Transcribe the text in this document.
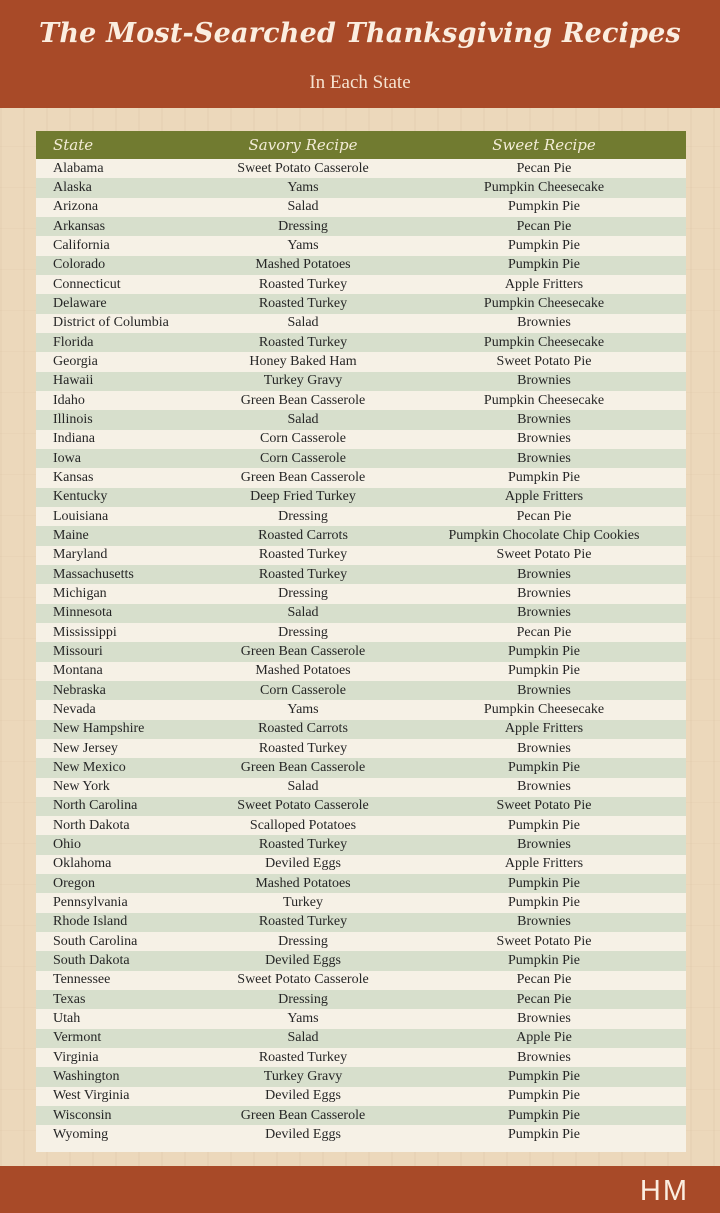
The Most-Searched Thanksgiving Recipes
In Each State
State	Savory Recipe	Sweet Recipe
Alabama	Sweet Potato Casserole	Pecan Pie
Alaska	Yams	Pumpkin Cheesecake
Arizona	Salad	Pumpkin Pie
Arkansas	Dressing	Pecan Pie
California	Yams	Pumpkin Pie
Colorado	Mashed Potatoes	Pumpkin Pie
Connecticut	Roasted Turkey	Apple Fritters
Delaware	Roasted Turkey	Pumpkin Cheesecake
District of Columbia	Salad	Brownies
Florida	Roasted Turkey	Pumpkin Cheesecake
Georgia	Honey Baked Ham	Sweet Potato Pie
Hawaii	Turkey Gravy	Brownies
Idaho	Green Bean Casserole	Pumpkin Cheesecake
Illinois	Salad	Brownies
Indiana	Corn Casserole	Brownies
Iowa	Corn Casserole	Brownies
Kansas	Green Bean Casserole	Pumpkin Pie
Kentucky	Deep Fried Turkey	Apple Fritters
Louisiana	Dressing	Pecan Pie
Maine	Roasted Carrots	Pumpkin Chocolate Chip Cookies
Maryland	Roasted Turkey	Sweet Potato Pie
Massachusetts	Roasted Turkey	Brownies
Michigan	Dressing	Brownies
Minnesota	Salad	Brownies
Mississippi	Dressing	Pecan Pie
Missouri	Green Bean Casserole	Pumpkin Pie
Montana	Mashed Potatoes	Pumpkin Pie
Nebraska	Corn Casserole	Brownies
Nevada	Yams	Pumpkin Cheesecake
New Hampshire	Roasted Carrots	Apple Fritters
New Jersey	Roasted Turkey	Brownies
New Mexico	Green Bean Casserole	Pumpkin Pie
New York	Salad	Brownies
North Carolina	Sweet Potato Casserole	Sweet Potato Pie
North Dakota	Scalloped Potatoes	Pumpkin Pie
Ohio	Roasted Turkey	Brownies
Oklahoma	Deviled Eggs	Apple Fritters
Oregon	Mashed Potatoes	Pumpkin Pie
Pennsylvania	Turkey	Pumpkin Pie
Rhode Island	Roasted Turkey	Brownies
South Carolina	Dressing	Sweet Potato Pie
South Dakota	Deviled Eggs	Pumpkin Pie
Tennessee	Sweet Potato Casserole	Pecan Pie
Texas	Dressing	Pecan Pie
Utah	Yams	Brownies
Vermont	Salad	Apple Pie
Virginia	Roasted Turkey	Brownies
Washington	Turkey Gravy	Pumpkin Pie
West Virginia	Deviled Eggs	Pumpkin Pie
Wisconsin	Green Bean Casserole	Pumpkin Pie
Wyoming	Deviled Eggs	Pumpkin Pie
HM
